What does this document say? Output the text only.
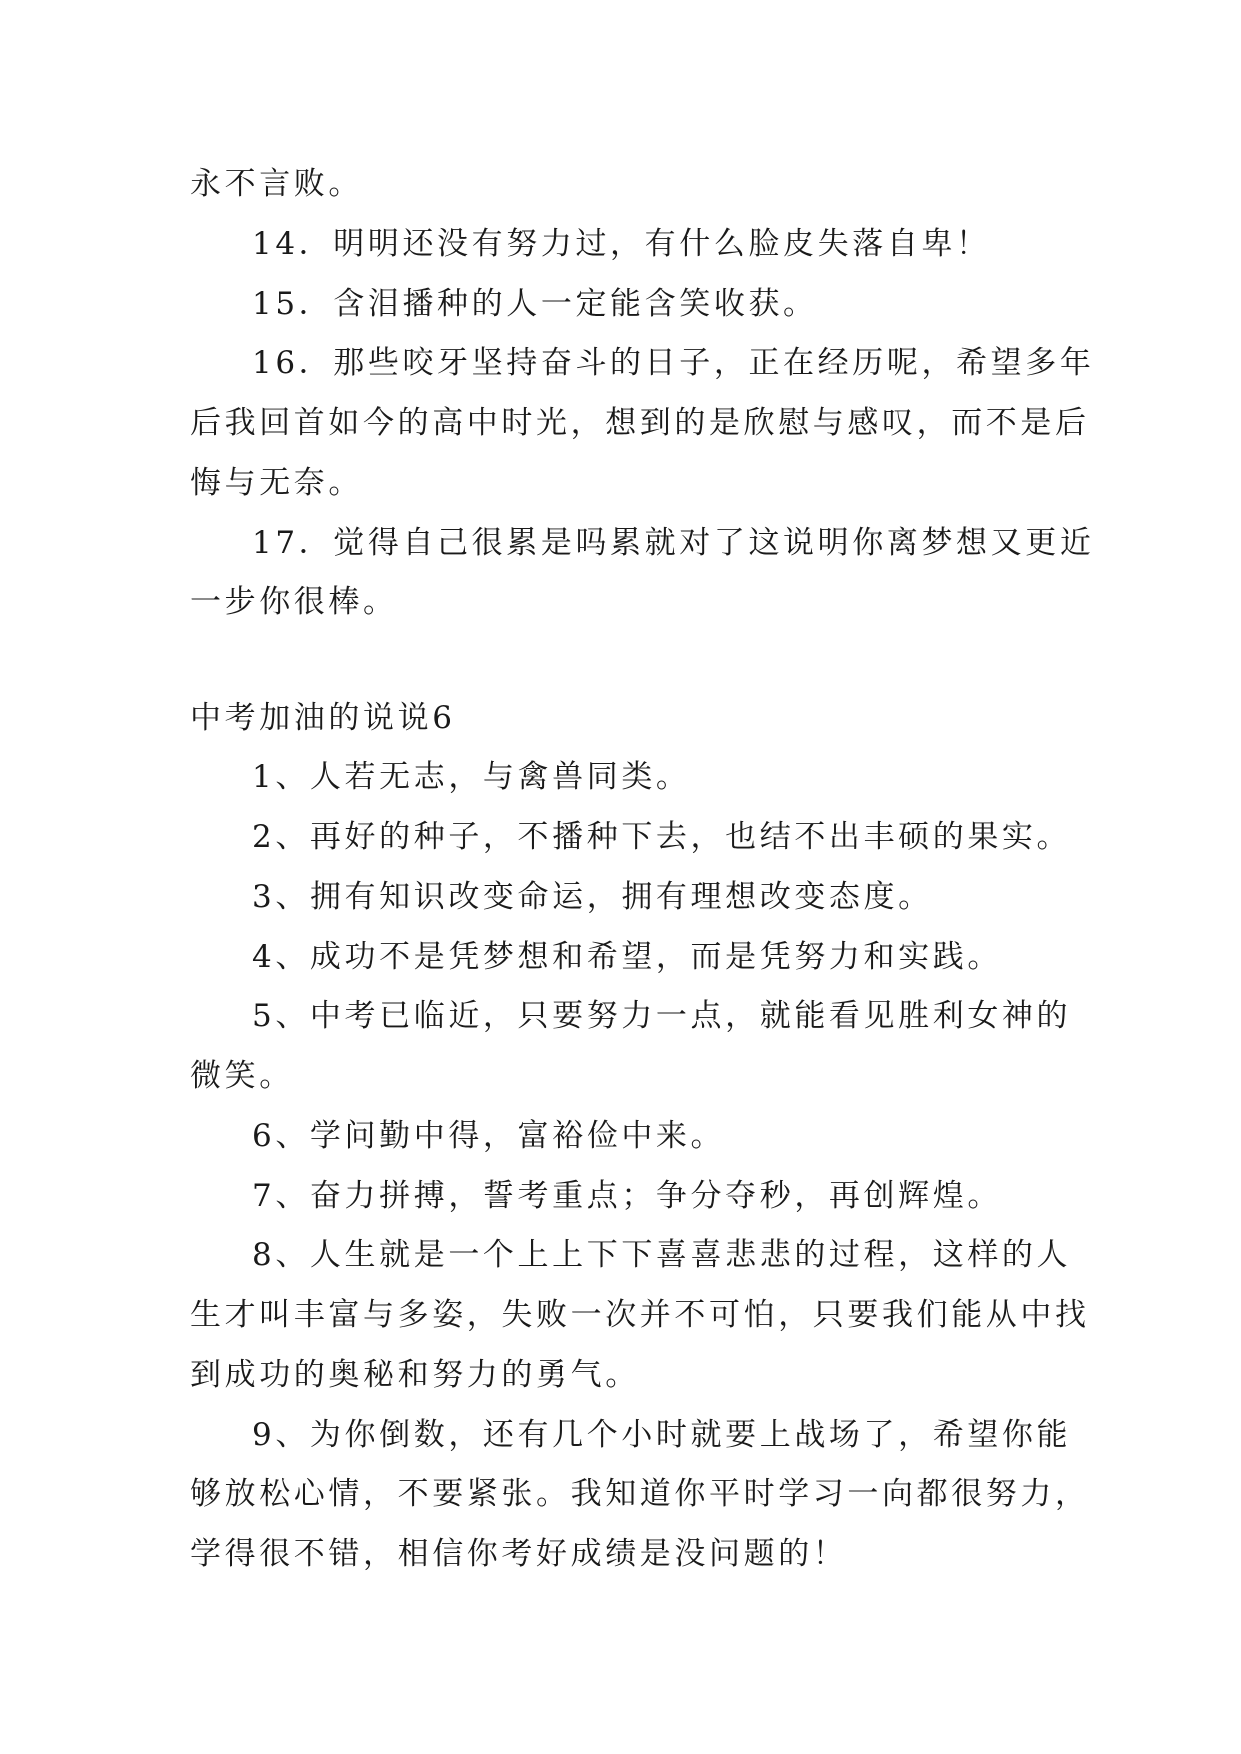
永不言败。
14．明明还没有努力过，有什么脸皮失落自卑！
15．含泪播种的人一定能含笑收获。
16．那些咬牙坚持奋斗的日子，正在经历呢，希望多年
后我回首如今的高中时光，想到的是欣慰与感叹，而不是后
悔与无奈。
17．觉得自己很累是吗累就对了这说明你离梦想又更近
一步你很棒。
中考加油的说说6
1、人若无志，与禽兽同类。
2、再好的种子，不播种下去，也结不出丰硕的果实。
3、拥有知识改变命运，拥有理想改变态度。
4、成功不是凭梦想和希望，而是凭努力和实践。
5、中考已临近，只要努力一点，就能看见胜利女神的
微笑。
6、学问勤中得，富裕俭中来。
7、奋力拼搏，誓考重点；争分夺秒，再创辉煌。
8、人生就是一个上上下下喜喜悲悲的过程，这样的人
生才叫丰富与多姿，失败一次并不可怕，只要我们能从中找
到成功的奥秘和努力的勇气。
9、为你倒数，还有几个小时就要上战场了，希望你能
够放松心情，不要紧张。我知道你平时学习一向都很努力，
学得很不错，相信你考好成绩是没问题的！
